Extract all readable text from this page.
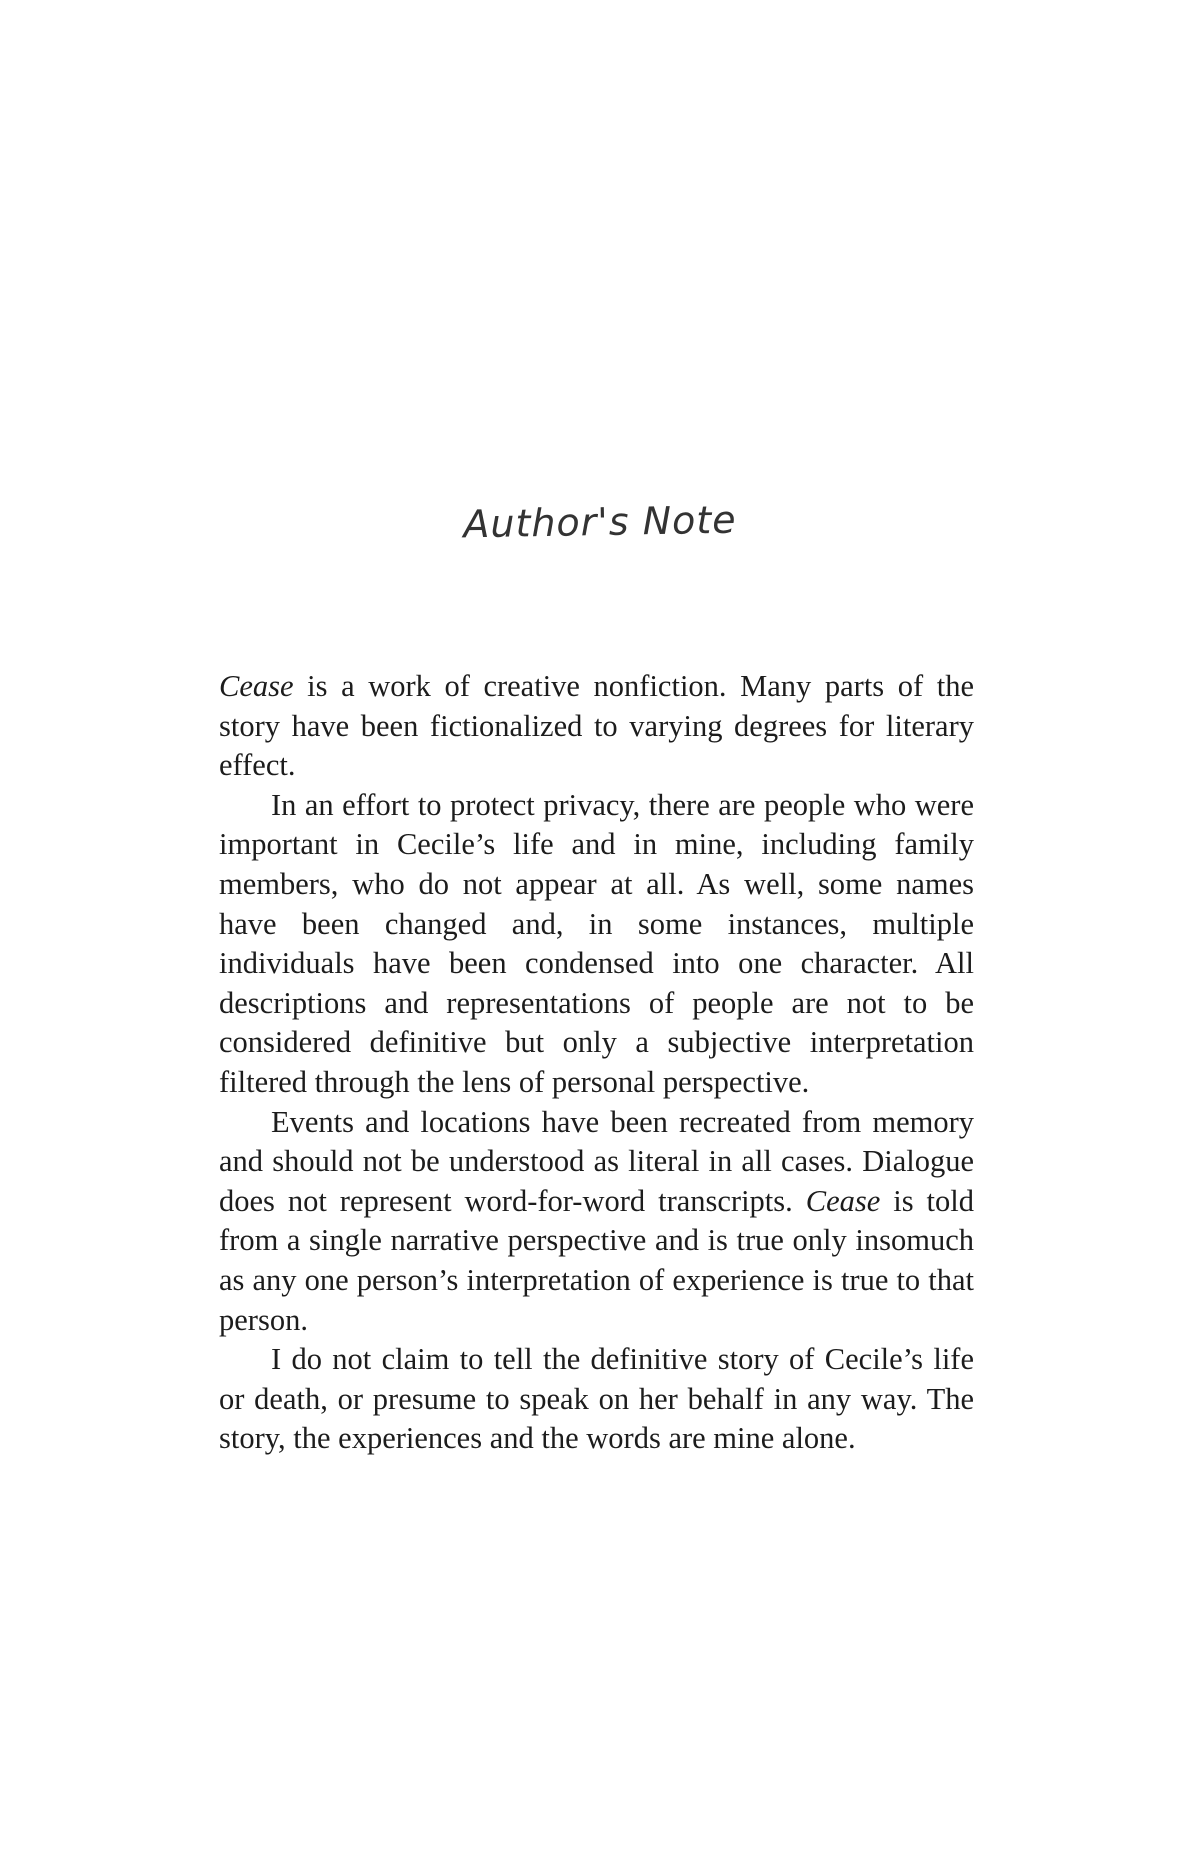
Author's Note

Cease is a work of creative nonfiction. Many parts of the story have been fictionalized to varying degrees for literary effect.

In an effort to protect privacy, there are people who were important in Cecile’s life and in mine, including family members, who do not appear at all. As well, some names have been changed and, in some instances, multiple individuals have been condensed into one character. All descriptions and representations of people are not to be considered definitive but only a subjective interpretation filtered through the lens of personal perspective.

Events and locations have been recreated from memory and should not be understood as literal in all cases. Dialogue does not represent word-for-word transcripts. Cease is told from a single narrative perspective and is true only insomuch as any one person’s interpretation of experience is true to that person.

I do not claim to tell the definitive story of Cecile’s life or death, or presume to speak on her behalf in any way. The story, the experiences and the words are mine alone.
